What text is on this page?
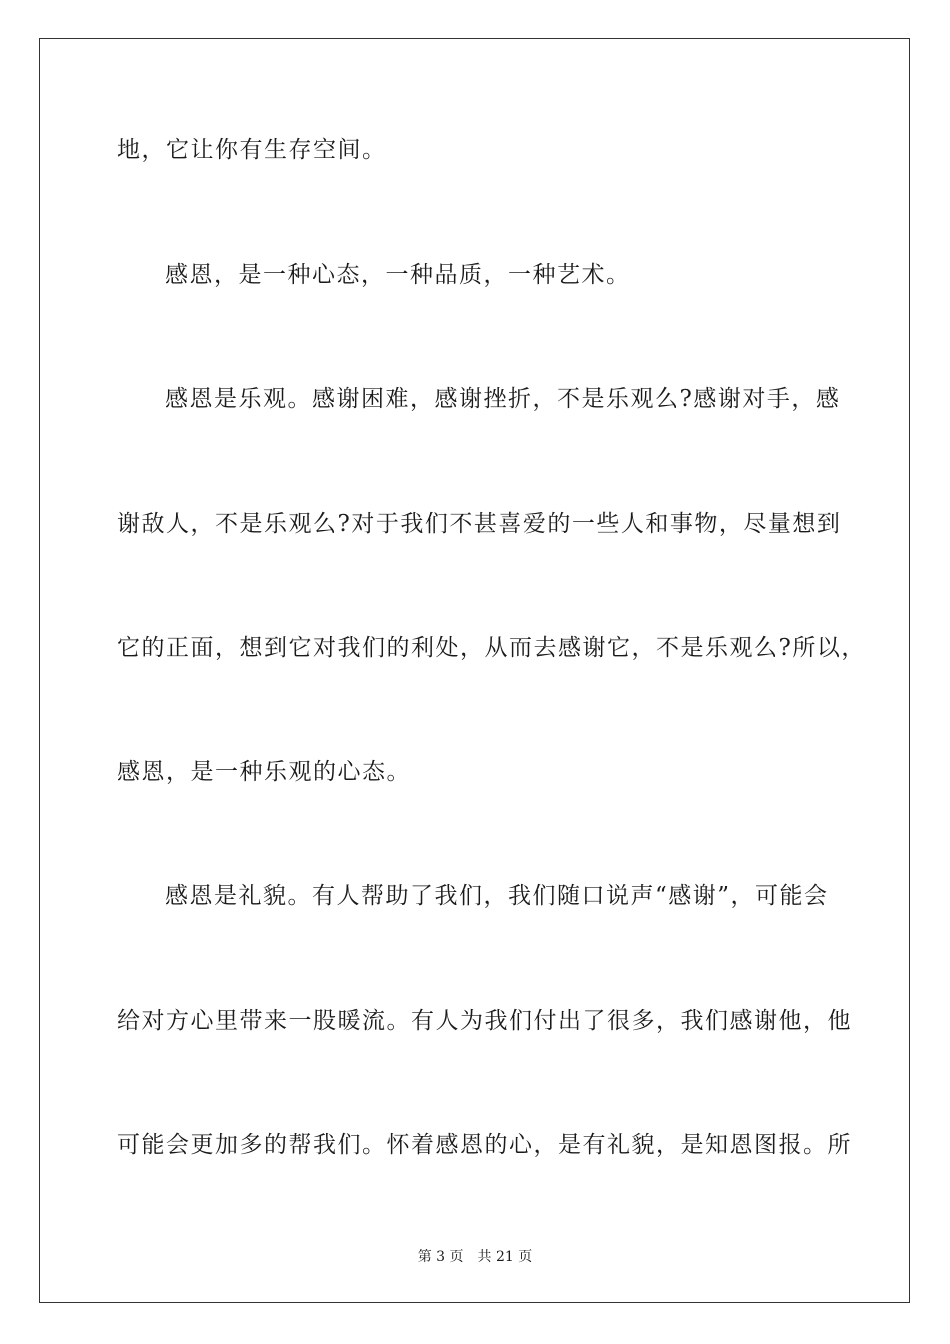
地，它让你有生存空间。
感恩，是一种心态，一种品质，一种艺术。
感恩是乐观。感谢困难，感谢挫折，不是乐观么?感谢对手，感
谢敌人，不是乐观么?对于我们不甚喜爱的一些人和事物，尽量想到
它的正面，想到它对我们的利处，从而去感谢它，不是乐观么?所以，
感恩，是一种乐观的心态。
感恩是礼貌。有人帮助了我们，我们随口说声“感谢”，可能会
给对方心里带来一股暖流。有人为我们付出了很多，我们感谢他，他
可能会更加多的帮我们。怀着感恩的心，是有礼貌，是知恩图报。所
第 3 页　共 21 页
